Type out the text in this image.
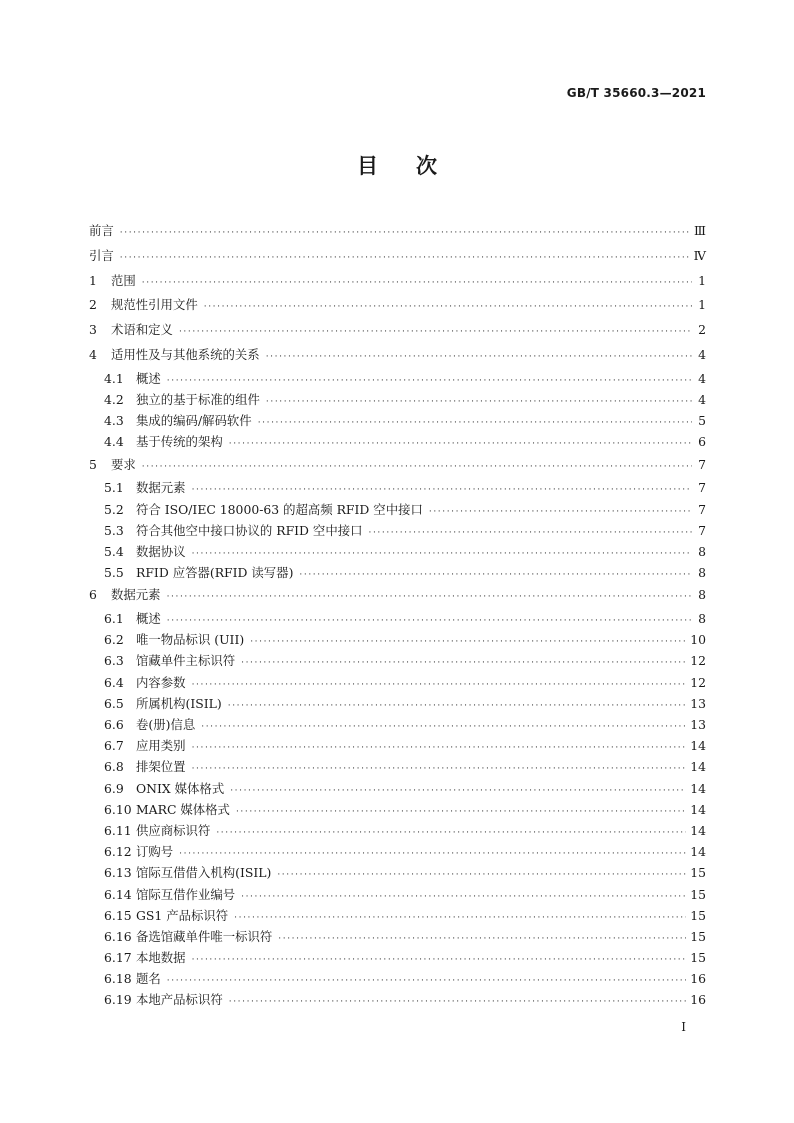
GB/T 35660.3—2021
目次
前言 ·····	Ⅲ
引言 ·····	Ⅳ
1	范围 ·····	1
2	规范性引用文件 ·····	1
3	术语和定义 ·····	2
4	适用性及与其他系统的关系 ·····	4
4.1 概述 ·····	4
4.2 独立的基于标准的组件 ·····	4
4.3 集成的编码/解码软件 ·····	5
4.4 基于传统的架构 ·····	6
5	要求 ·····	7
5.1 数据元素 ·····	7
5.2 符合 ISO/IEC 18000-63 的超高频 RFID 空中接口 ·····	7
5.3 符合其他空中接口协议的 RFID 空中接口 ·····	7
5.4 数据协议 ·····	8
5.5 RFID 应答器(RFID 读写器) ·····	8
6	数据元素 ·····	8
6.1 概述 ·····	8
6.2 唯一物品标识 (UII) ·····	10
6.3 馆藏单件主标识符 ·····	12
6.4 内容参数 ·····	12
6.5 所属机构(ISIL) ·····	13
6.6 卷(册)信息 ·····	13
6.7 应用类别 ·····	14
6.8 排架位置 ·····	14
6.9 ONIX 媒体格式 ·····	14
6.10 MARC 媒体格式 ·····	14
6.11 供应商标识符 ·····	14
6.12 订购号 ·····	14
6.13 馆际互借借入机构(ISIL) ·····	15
6.14 馆际互借作业编号 ·····	15
6.15 GS1 产品标识符 ·····	15
6.16 备选馆藏单件唯一标识符 ·····	15
6.17 本地数据 ·····	15
6.18 题名 ·····	16
6.19 本地产品标识符 ·····	16
I
